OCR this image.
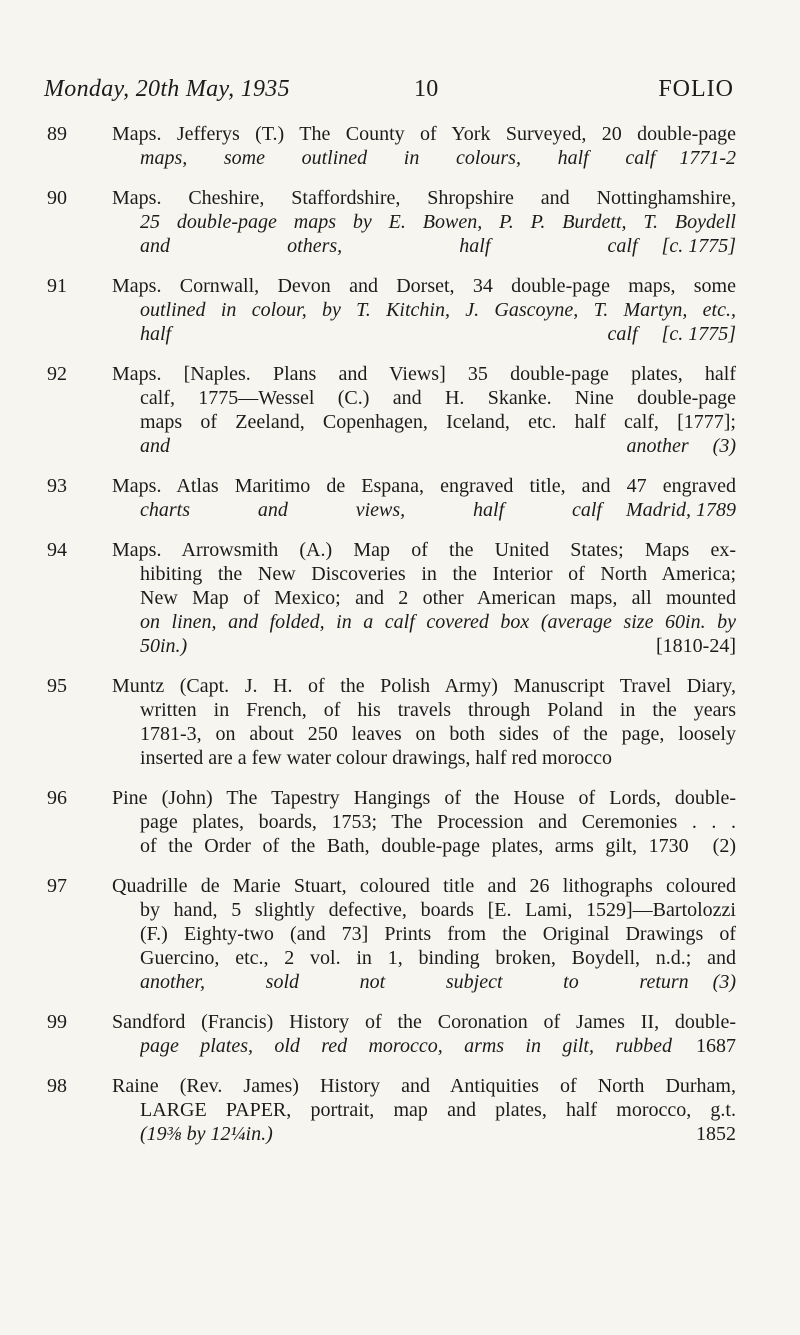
Monday, 20th May, 1935	10	FOLIO
89 Maps. Jefferys (T.) The County of York Surveyed, 20 double-page
maps, some outlined in colours, half calf	1771-2
90 Maps. Cheshire, Staffordshire, Shropshire and Nottinghamshire,
25 double-page maps by E. Bowen, P. P. Burdett, T. Boydell
and others, half calf	[c. 1775]
91 Maps. Cornwall, Devon and Dorset, 34 double-page maps, some
outlined in colour, by T. Kitchin, J. Gascoyne, T. Martyn, etc.,
half calf	[c. 1775]
92 Maps. [Naples. Plans and Views] 35 double-page plates, half
calf, 1775—Wessel (C.) and H. Skanke. Nine double-page
maps of Zeeland, Copenhagen, Iceland, etc. half calf, [1777];
and another	(3)
93 Maps. Atlas Maritimo de Espana, engraved title, and 47 engraved
charts and views, half calf	Madrid, 1789
94 Maps. Arrowsmith (A.) Map of the United States; Maps ex-
hibiting the New Discoveries in the Interior of North America;
New Map of Mexico; and 2 other American maps, all mounted
on linen, and folded, in a calf covered box (average size 60in. by
50in.)	[1810-24]
95 Muntz (Capt. J. H. of the Polish Army) Manuscript Travel Diary,
written in French, of his travels through Poland in the years
1781-3, on about 250 leaves on both sides of the page, loosely
inserted are a few water colour drawings, half red morocco
96 Pine (John) The Tapestry Hangings of the House of Lords, double-
page plates, boards, 1753; The Procession and Ceremonies . . .
of the Order of the Bath, double-page plates, arms gilt, 1730	(2)
97 Quadrille de Marie Stuart, coloured title and 26 lithographs coloured
by hand, 5 slightly defective, boards [E. Lami, 1529]—Bartolozzi
(F.) Eighty-two (and 73] Prints from the Original Drawings of
Guercino, etc., 2 vol. in 1, binding broken, Boydell, n.d.; and
another, sold not subject to return	(3)
99 Sandford (Francis) History of the Coronation of James II, double-
page plates, old red morocco, arms in gilt, rubbed	1687
98 Raine (Rev. James) History and Antiquities of North Durham,
LARGE PAPER, portrait, map and plates, half morocco, g.t.
(19⅜ by 12¼in.)	1852
